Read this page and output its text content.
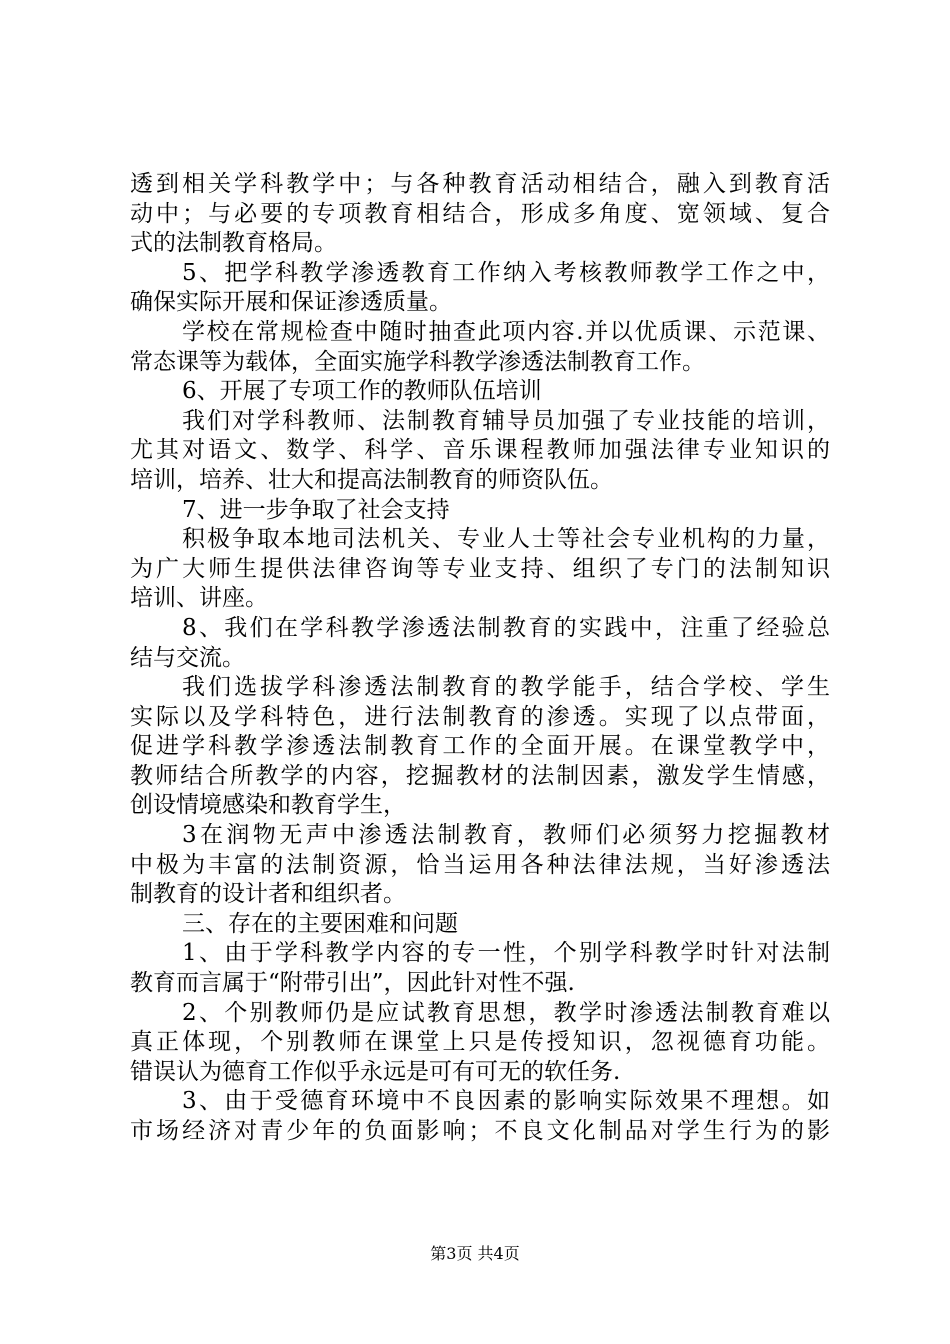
透到相关学科教学中；与各种教育活动相结合，融入到教育活
动中；与必要的专项教育相结合，形成多角度、宽领域、复合
式的法制教育格局。
5、把学科教学渗透教育工作纳入考核教师教学工作之中，
确保实际开展和保证渗透质量。
学校在常规检查中随时抽查此项内容.并以优质课、示范课、
常态课等为载体，全面实施学科教学渗透法制教育工作。
6、开展了专项工作的教师队伍培训
我们对学科教师、法制教育辅导员加强了专业技能的培训，
尤其对语文、数学、科学、音乐课程教师加强法律专业知识的
培训，培养、壮大和提高法制教育的师资队伍。
7、进一步争取了社会支持
积极争取本地司法机关、专业人士等社会专业机构的力量，
为广大师生提供法律咨询等专业支持、组织了专门的法制知识
培训、讲座。
8、我们在学科教学渗透法制教育的实践中，注重了经验总
结与交流。
我们选拔学科渗透法制教育的教学能手，结合学校、学生
实际以及学科特色，进行法制教育的渗透。实现了以点带面，
促进学科教学渗透法制教育工作的全面开展。在课堂教学中，
教师结合所教学的内容，挖掘教材的法制因素，激发学生情感，
创设情境感染和教育学生，
3在润物无声中渗透法制教育，教师们必须努力挖掘教材
中极为丰富的法制资源，恰当运用各种法律法规，当好渗透法
制教育的设计者和组织者。
三、存在的主要困难和问题
1、由于学科教学内容的专一性，个别学科教学时针对法制
教育而言属于“附带引出”，因此针对性不强.
2、个别教师仍是应试教育思想，教学时渗透法制教育难以
真正体现，个别教师在课堂上只是传授知识，忽视德育功能。
错误认为德育工作似乎永远是可有可无的软任务.
3、由于受德育环境中不良因素的影响实际效果不理想。如
市场经济对青少年的负面影响；不良文化制品对学生行为的影
第3页 共4页
